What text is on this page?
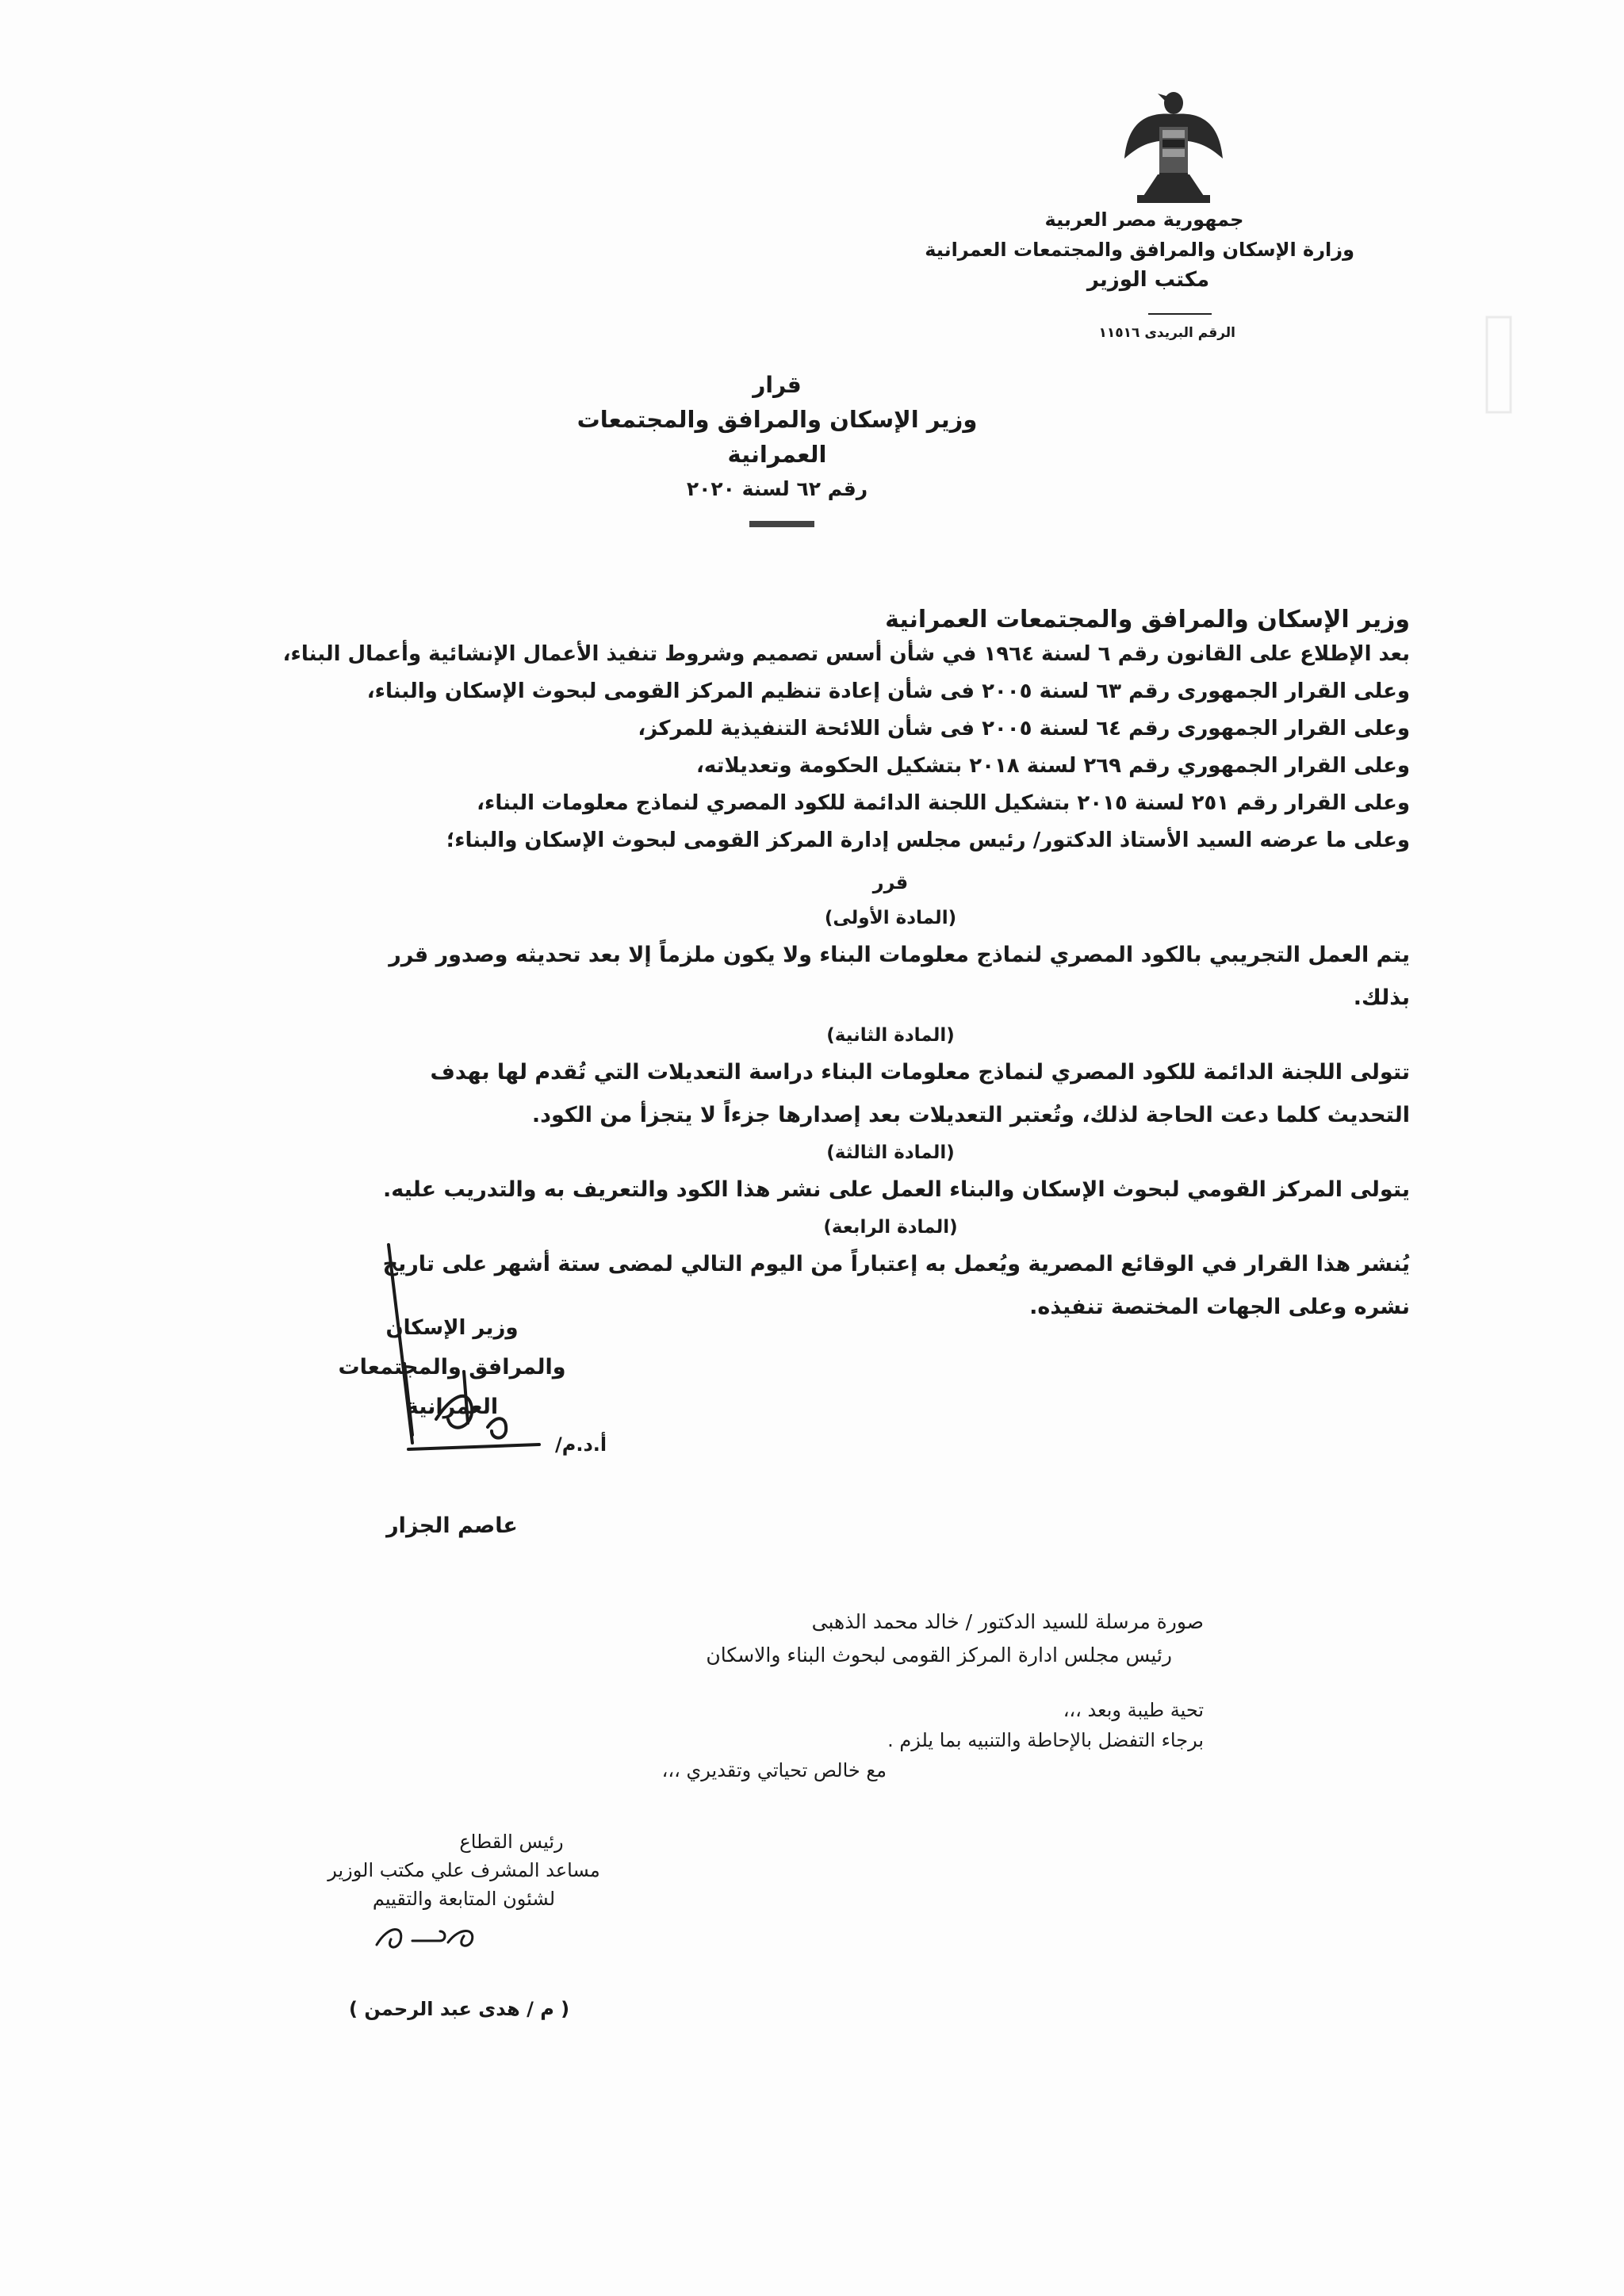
جمهورية مصر العربية
وزارة الإسكان والمرافق والمجتمعات العمرانية
مكتب الوزير
الرقم البريدى ١١٥١٦
قرار
وزير الإسكان والمرافق والمجتمعات العمرانية
رقم ٦٢ لسنة ٢٠٢٠
وزير الإسكان والمرافق والمجتمعات العمرانية
بعد الإطلاع على القانون رقم ٦ لسنة ١٩٦٤ في شأن أسس تصميم وشروط تنفيذ الأعمال الإنشائية وأعمال البناء،
وعلى القرار الجمهورى رقم ٦٣ لسنة ٢٠٠٥ فى شأن إعادة تنظيم المركز القومى لبحوث الإسكان والبناء،
وعلى القرار الجمهورى رقم ٦٤ لسنة ٢٠٠٥ فى شأن اللائحة التنفيذية للمركز،
وعلى القرار الجمهوري رقم ٢٦٩ لسنة ٢٠١٨ بتشكيل الحكومة وتعديلاته،
وعلى القرار رقم ٢٥١ لسنة ٢٠١٥ بتشكيل اللجنة الدائمة للكود المصري لنماذج معلومات البناء،
وعلى ما عرضه السيد الأستاذ الدكتور/ رئيس مجلس إدارة المركز القومى لبحوث الإسكان والبناء؛
قرر
(المادة الأولى)
يتم العمل التجريبي بالكود المصري لنماذج معلومات البناء ولا يكون ملزماً إلا بعد تحديثه وصدور قرر بذلك.
(المادة الثانية)
تتولى اللجنة الدائمة للكود المصري لنماذج معلومات البناء دراسة التعديلات التي تُقدم لها بهدف التحديث كلما دعت الحاجة لذلك، وتُعتبر التعديلات بعد إصدارها جزءاً لا يتجزأ من الكود.
(المادة الثالثة)
يتولى المركز القومي لبحوث الإسكان والبناء العمل على نشر هذا الكود والتعريف به والتدريب عليه.
(المادة الرابعة)
يُنشر هذا القرار في الوقائع المصرية ويُعمل به إعتباراً من اليوم التالي لمضى ستة أشهر على تاريخ نشره وعلى الجهات المختصة تنفيذه.
وزير الإسكان
والمرافق والمجتمعات العمرانية
عاصم الجزار
أ.د.م/
صورة مرسلة للسيد الدكتور / خالد محمد الذهبى
رئيس مجلس ادارة المركز القومى لبحوث البناء والاسكان
تحية طيبة وبعد ،،،
برجاء التفضل بالإحاطة والتنبيه بما يلزم .
مع خالص تحياتي وتقديري ،،،
رئيس القطاع
مساعد المشرف علي مكتب الوزير
لشئون المتابعة والتقييم
( م / هدى عبد الرحمن )
